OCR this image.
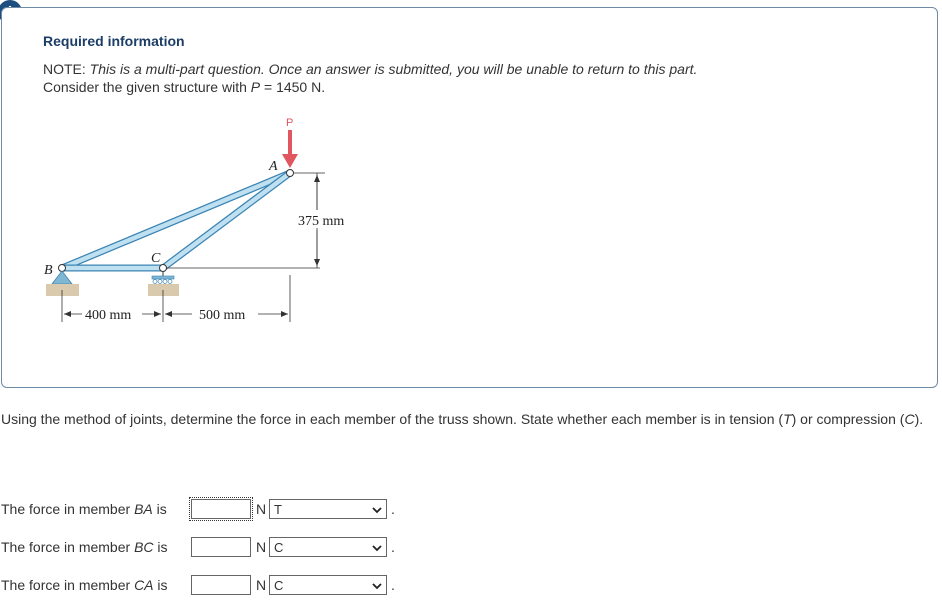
Required information
NOTE: This is a multi-part question. Once an answer is submitted, you will be unable to return to this part.
Consider the given structure with P = 1450 N.
P
A
B
C
375 mm
400 mm	500 mm
Using the method of joints, determine the force in each member of the truss shown. State whether each member is in tension (T) or compression (C).
The force in member BA is	N T	.
The force in member BC is	N C	.
The force in member CA is	N C	.
